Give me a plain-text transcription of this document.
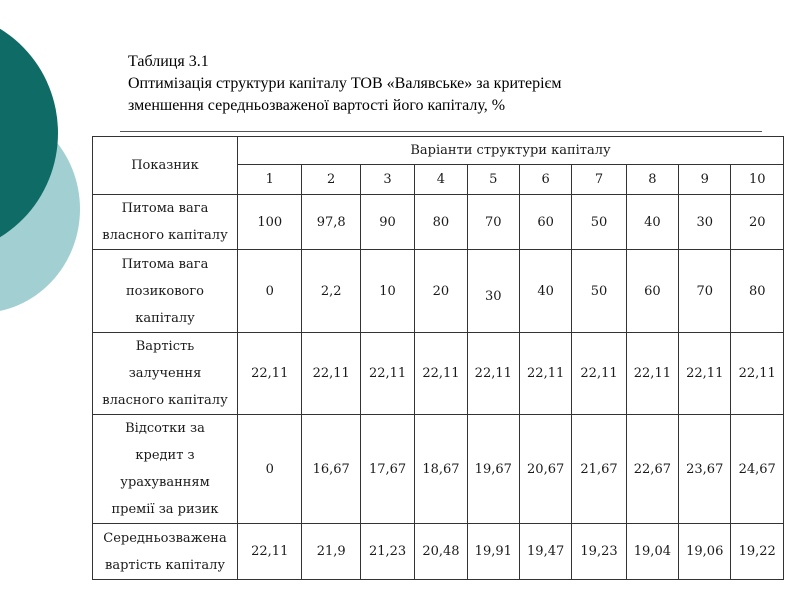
Таблиця 3.1
Оптимізація структури капіталу ТОВ «Валявське» за критерієм
зменшення середньозваженої вартості його капіталу, %
Показник	Варіанти структури капіталу									
	1	2	3	4	5	6	7	8	9	10

Питома вага
власного капіталу	100	97,8	90	80	70	60	50	40	30	20

Питома вага
позикового
капіталу	0	2,2	10	20	30	40	50	60	70	80

Вартість
залучення
власного капіталу	22,11	22,11	22,11	22,11	22,11	22,11	22,11	22,11	22,11	22,11

Відсотки за
кредит з
урахуванням
премії за ризик	0	16,67	17,67	18,67	19,67	20,67	21,67	22,67	23,67	24,67

Середньозважена
вартість капіталу	22,11	21,9	21,23	20,48	19,91	19,47	19,23	19,04	19,06	19,22
